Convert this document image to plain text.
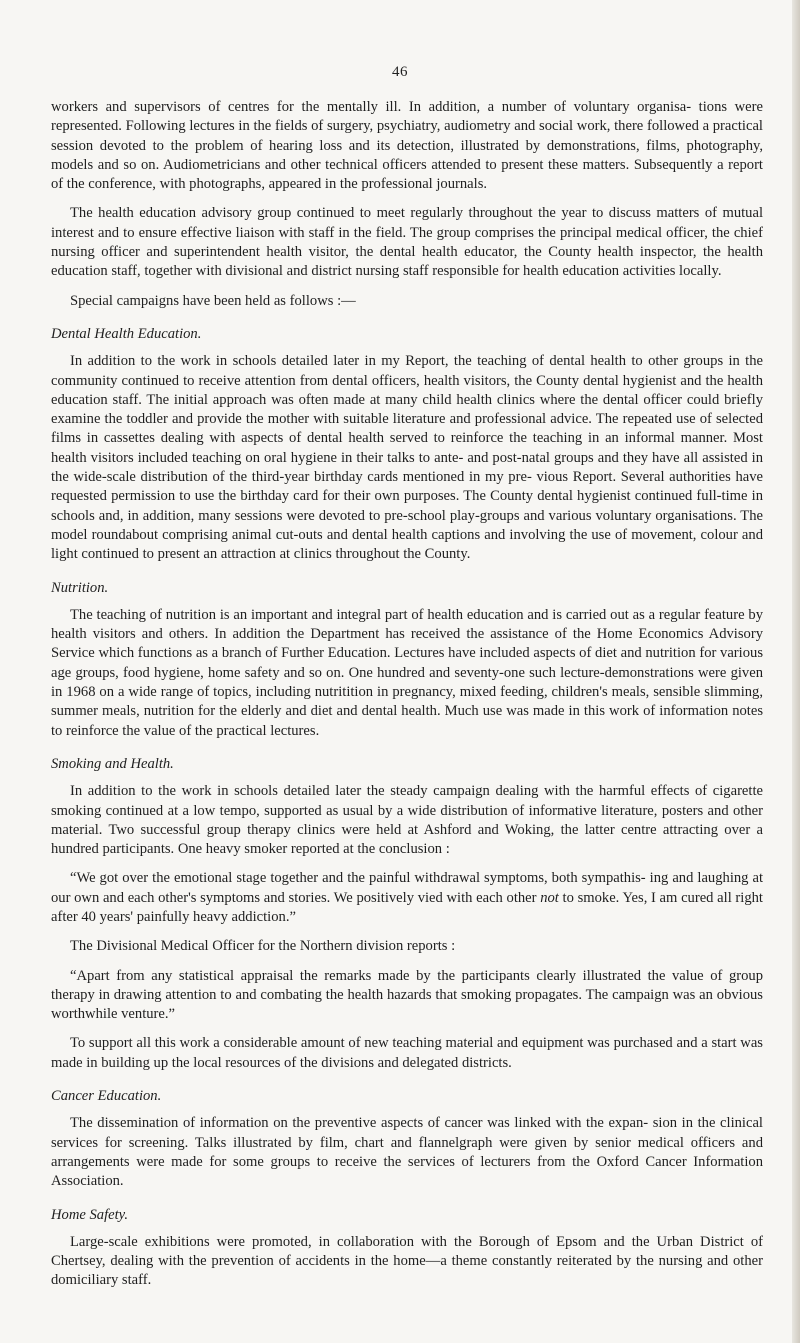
46

workers and supervisors of centres for the mentally ill. In addition, a number of voluntary organisa- tions were represented. Following lectures in the fields of surgery, psychiatry, audiometry and social work, there followed a practical session devoted to the problem of hearing loss and its detection, illustrated by demonstrations, films, photography, models and so on. Audiometricians and other technical officers attended to present these matters. Subsequently a report of the conference, with photographs, appeared in the professional journals.

The health education advisory group continued to meet regularly throughout the year to discuss matters of mutual interest and to ensure effective liaison with staff in the field. The group comprises the principal medical officer, the chief nursing officer and superintendent health visitor, the dental health educator, the County health inspector, the health education staff, together with divisional and district nursing staff responsible for health education activities locally.

Special campaigns have been held as follows :—

Dental Health Education.

In addition to the work in schools detailed later in my Report, the teaching of dental health to other groups in the community continued to receive attention from dental officers, health visitors, the County dental hygienist and the health education staff. The initial approach was often made at many child health clinics where the dental officer could briefly examine the toddler and provide the mother with suitable literature and professional advice. The repeated use of selected films in cassettes dealing with aspects of dental health served to reinforce the teaching in an informal manner. Most health visitors included teaching on oral hygiene in their talks to ante- and post-natal groups and they have all assisted in the wide-scale distribution of the third-year birthday cards mentioned in my pre- vious Report. Several authorities have requested permission to use the birthday card for their own purposes. The County dental hygienist continued full-time in schools and, in addition, many sessions were devoted to pre-school play-groups and various voluntary organisations. The model roundabout comprising animal cut-outs and dental health captions and involving the use of movement, colour and light continued to present an attraction at clinics throughout the County.

Nutrition.

The teaching of nutrition is an important and integral part of health education and is carried out as a regular feature by health visitors and others. In addition the Department has received the assistance of the Home Economics Advisory Service which functions as a branch of Further Education. Lectures have included aspects of diet and nutrition for various age groups, food hygiene, home safety and so on. One hundred and seventy-one such lecture-demonstrations were given in 1968 on a wide range of topics, including nutritition in pregnancy, mixed feeding, children's meals, sensible slimming, summer meals, nutrition for the elderly and diet and dental health. Much use was made in this work of information notes to reinforce the value of the practical lectures.

Smoking and Health.

In addition to the work in schools detailed later the steady campaign dealing with the harmful effects of cigarette smoking continued at a low tempo, supported as usual by a wide distribution of informative literature, posters and other material. Two successful group therapy clinics were held at Ashford and Woking, the latter centre attracting over a hundred participants. One heavy smoker reported at the conclusion :

“We got over the emotional stage together and the painful withdrawal symptoms, both sympathis- ing and laughing at our own and each other's symptoms and stories. We positively vied with each other not to smoke. Yes, I am cured all right after 40 years' painfully heavy addiction.”

The Divisional Medical Officer for the Northern division reports :

“Apart from any statistical appraisal the remarks made by the participants clearly illustrated the value of group therapy in drawing attention to and combating the health hazards that smoking propagates. The campaign was an obvious worthwhile venture.”

To support all this work a considerable amount of new teaching material and equipment was purchased and a start was made in building up the local resources of the divisions and delegated districts.

Cancer Education.

The dissemination of information on the preventive aspects of cancer was linked with the expan- sion in the clinical services for screening. Talks illustrated by film, chart and flannelgraph were given by senior medical officers and arrangements were made for some groups to receive the services of lecturers from the Oxford Cancer Information Association.

Home Safety.

Large-scale exhibitions were promoted, in collaboration with the Borough of Epsom and the Urban District of Chertsey, dealing with the prevention of accidents in the home—a theme constantly reiterated by the nursing and other domiciliary staff.
